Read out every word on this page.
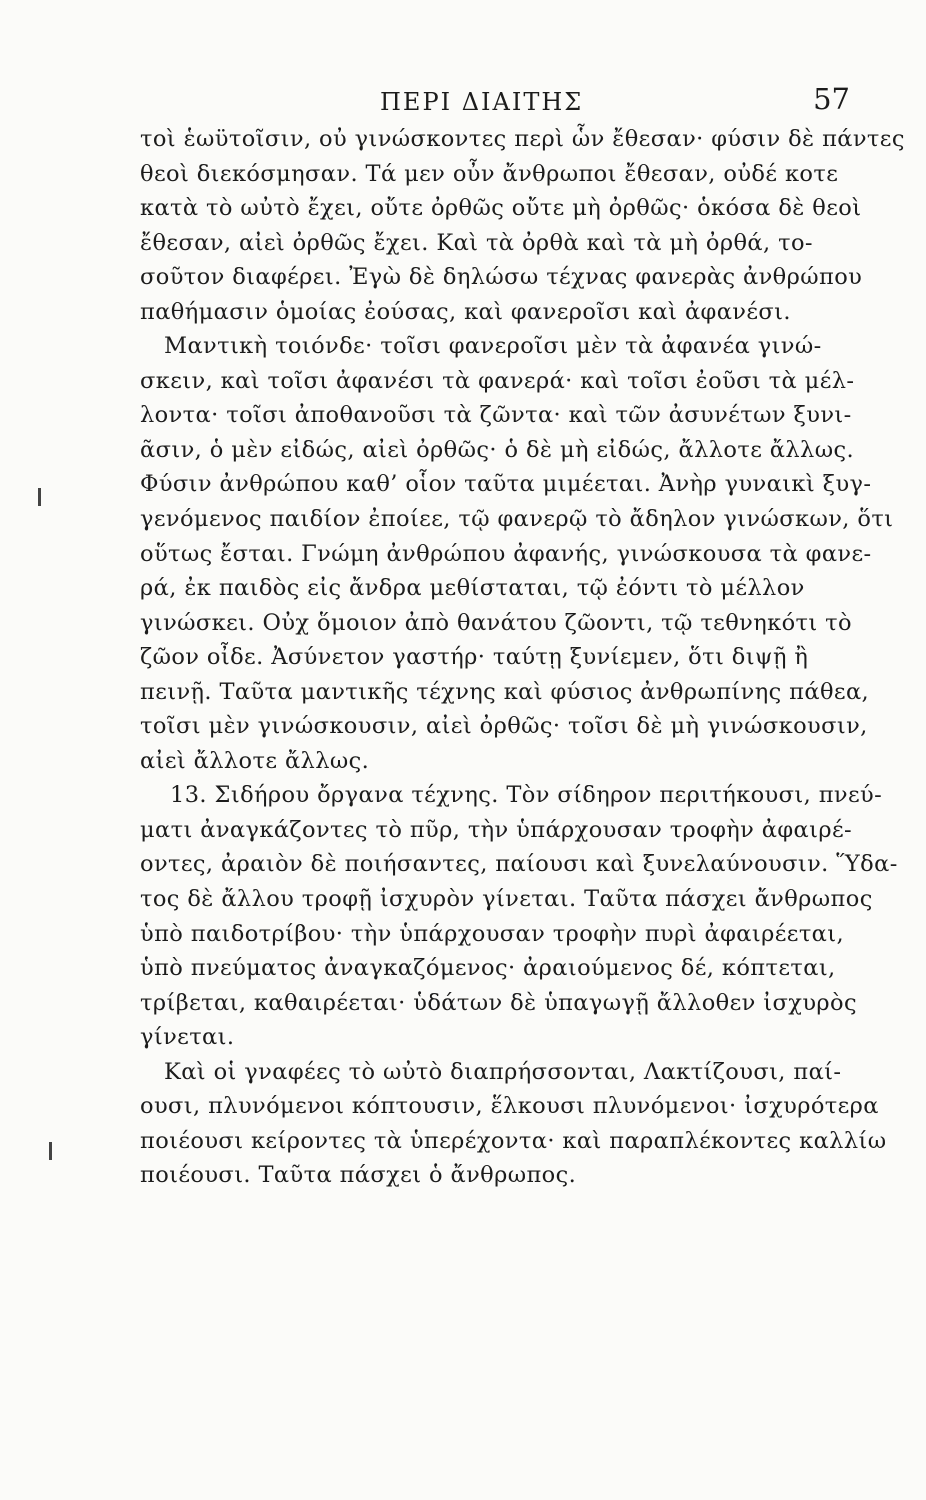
ΠΕΡΙ ΔΙΑΙΤΗΣ	57
τοὶ ἑωϋτοῖσιν, οὐ γινώσκοντες περὶ ὧν ἔθεσαν· φύσιν δὲ πάντες
θεοὶ διεκόσμησαν. Τά μεν οὖν ἄνθρωποι ἔθεσαν, οὐδέ κοτε
κατὰ τὸ ωὐτὸ ἔχει, οὔτε ὀρθῶς οὔτε μὴ ὀρθῶς· ὁκόσα δὲ θεοὶ
ἔθεσαν, αἰεὶ ὀρθῶς ἔχει. Καὶ τὰ ὀρθὰ καὶ τὰ μὴ ὀρθά, το-
σοῦτον διαφέρει. Ἐγὼ δὲ δηλώσω τέχνας φανερὰς ἀνθρώπου
παθήμασιν ὁμοίας ἐούσας, καὶ φανεροῖσι καὶ ἀφανέσι.
Μαντικὴ τοιόνδε· τοῖσι φανεροῖσι μὲν τὰ ἀφανέα γινώ-
σκειν, καὶ τοῖσι ἀφανέσι τὰ φανερά· καὶ τοῖσι ἐοῦσι τὰ μέλ-
λοντα· τοῖσι ἀποθανοῦσι τὰ ζῶντα· καὶ τῶν ἀσυνέτων ξυνι-
ᾶσιν, ὁ μὲν εἰδώς, αἰεὶ ὀρθῶς· ὁ δὲ μὴ εἰδώς, ἄλλοτε ἄλλως.
Φύσιν ἀνθρώπου καθ’ οἷον ταῦτα μιμέεται. Ἀνὴρ γυναικὶ ξυγ-
γενόμενος παιδίον ἐποίεε, τῷ φανερῷ τὸ ἄδηλον γινώσκων, ὅτι
οὕτως ἔσται. Γνώμη ἀνθρώπου ἀφανής, γινώσκουσα τὰ φανε-
ρά, ἐκ παιδὸς εἰς ἄνδρα μεθίσταται, τῷ ἐόντι τὸ μέλλον
γινώσκει. Οὐχ ὅμοιον ἀπὸ θανάτου ζῶοντι, τῷ τεθνηκότι τὸ
ζῶον οἶδε. Ἀσύνετον γαστήρ· ταύτῃ ξυνίεμεν, ὅτι διψῇ ἢ
πεινῇ. Ταῦτα μαντικῆς τέχνης καὶ φύσιος ἀνθρωπίνης πάθεα,
τοῖσι μὲν γινώσκουσιν, αἰεὶ ὀρθῶς· τοῖσι δὲ μὴ γινώσκουσιν,
αἰεὶ ἄλλοτε ἄλλως.
13. Σιδήρου ὄργανα τέχνης. Τὸν σίδηρον περιτήκουσι, πνεύ-
ματι ἀναγκάζοντες τὸ πῦρ, τὴν ὑπάρχουσαν τροφὴν ἀφαιρέ-
οντες, ἀραιὸν δὲ ποιήσαντες, παίουσι καὶ ξυνελαύνουσιν. Ὕδα-
τος δὲ ἄλλου τροφῇ ἰσχυρὸν γίνεται. Ταῦτα πάσχει ἄνθρωπος
ὑπὸ παιδοτρίβου· τὴν ὑπάρχουσαν τροφὴν πυρὶ ἀφαιρέεται,
ὑπὸ πνεύματος ἀναγκαζόμενος· ἀραιούμενος δέ, κόπτεται,
τρίβεται, καθαιρέεται· ὑδάτων δὲ ὑπαγωγῇ ἄλλοθεν ἰσχυρὸς
γίνεται.
Καὶ οἱ γναφέες τὸ ωὐτὸ διαπρήσσονται, Λακτίζουσι, παί-
ουσι, πλυνόμενοι κόπτουσιν, ἕλκουσι πλυνόμενοι· ἰσχυρότερα
ποιέουσι κείροντες τὰ ὑπερέχοντα· καὶ παραπλέκοντες καλλίω
ποιέουσι. Ταῦτα πάσχει ὁ ἄνθρωπος.
